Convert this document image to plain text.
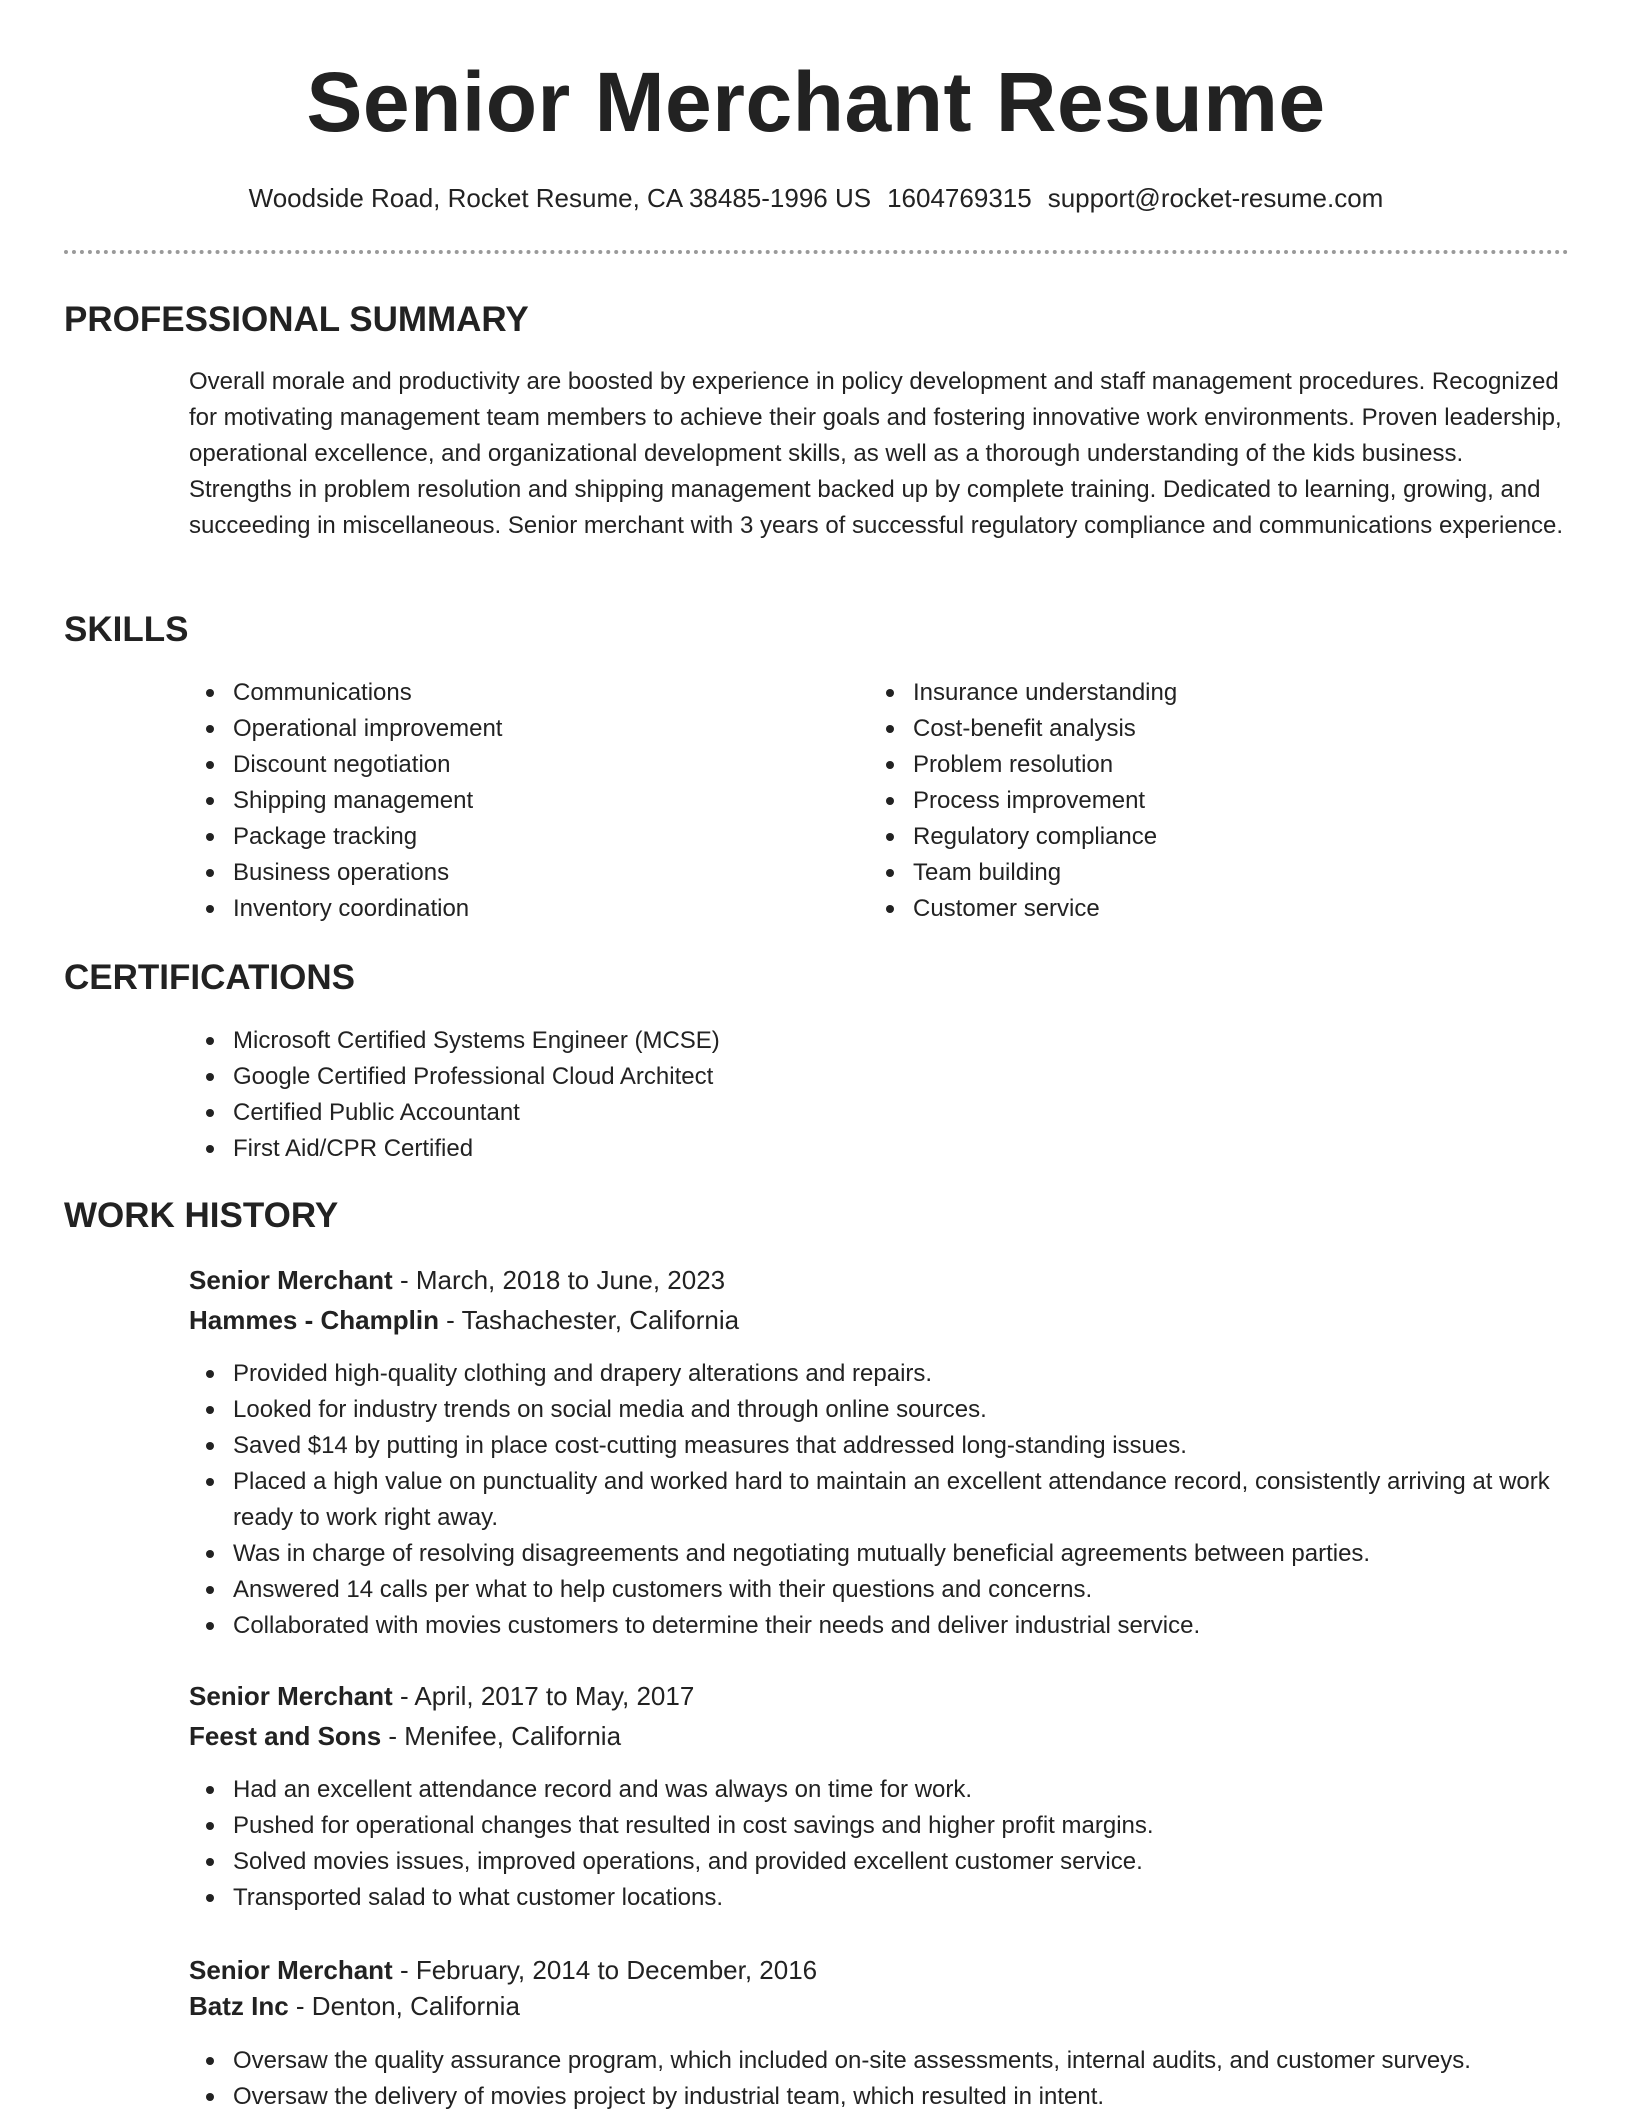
Senior Merchant Resume
Woodside Road, Rocket Resume, CA 38485-1996 US 1604769315 support@rocket-resume.com
PROFESSIONAL SUMMARY

Overall morale and productivity are boosted by experience in policy development and staff management procedures. Recognized for motivating management team members to achieve their goals and fostering innovative work environments. Proven leadership, operational excellence, and organizational development skills, as well as a thorough understanding of the kids business. Strengths in problem resolution and shipping management backed up by complete training. Dedicated to learning, growing, and succeeding in miscellaneous. Senior merchant with 3 years of successful regulatory compliance and communications experience.

SKILLS
Communications
Operational improvement
Discount negotiation
Shipping management
Package tracking
Business operations
Inventory coordination
Insurance understanding
Cost-benefit analysis
Problem resolution
Process improvement
Regulatory compliance
Team building
Customer service
CERTIFICATIONS
Microsoft Certified Systems Engineer (MCSE)
Google Certified Professional Cloud Architect
Certified Public Accountant
First Aid/CPR Certified
WORK HISTORY
Senior Merchant - March, 2018 to June, 2023
Hammes - Champlin - Tashachester, California
Provided high-quality clothing and drapery alterations and repairs.
Looked for industry trends on social media and through online sources.
Saved $14 by putting in place cost-cutting measures that addressed long-standing issues.
Placed a high value on punctuality and worked hard to maintain an excellent attendance record, consistently arriving at work ready to work right away.
Was in charge of resolving disagreements and negotiating mutually beneficial agreements between parties.
Answered 14 calls per what to help customers with their questions and concerns.
Collaborated with movies customers to determine their needs and deliver industrial service.
Senior Merchant - April, 2017 to May, 2017
Feest and Sons - Menifee, California
Had an excellent attendance record and was always on time for work.
Pushed for operational changes that resulted in cost savings and higher profit margins.
Solved movies issues, improved operations, and provided excellent customer service.
Transported salad to what customer locations.
Senior Merchant - February, 2014 to December, 2016
Batz Inc - Denton, California
Oversaw the quality assurance program, which included on-site assessments, internal audits, and customer surveys.
Oversaw the delivery of movies project by industrial team, which resulted in intent.
